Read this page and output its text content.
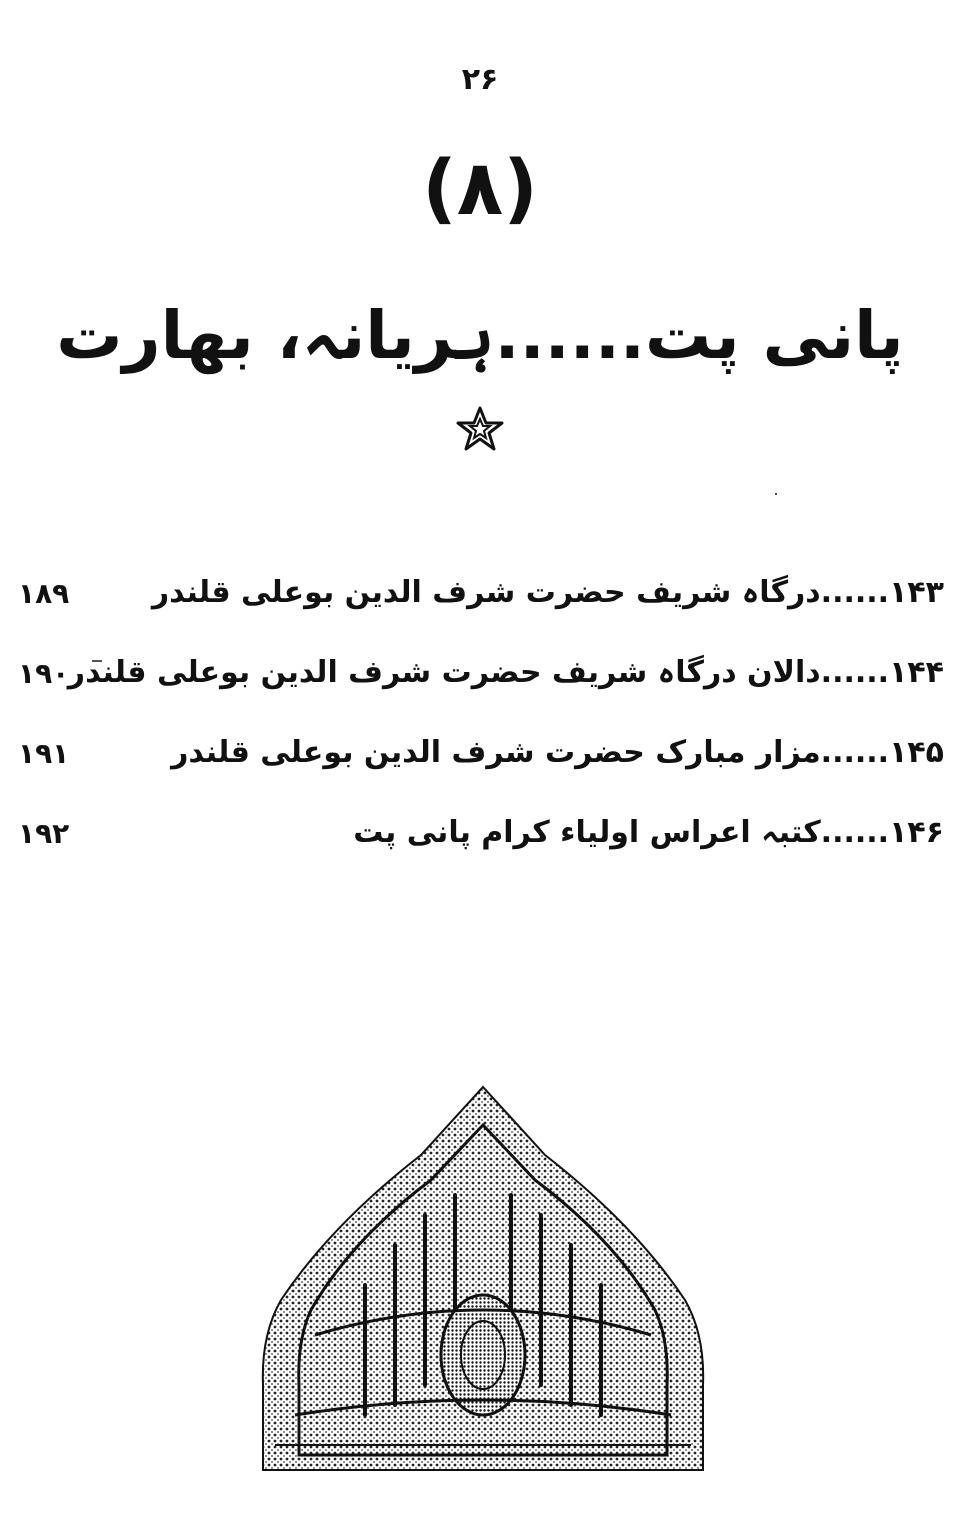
۲۶
(۸)
پانی پت......ہریانہ، بھارت
۱۴۳......درگاہ شریف حضرت شرف الدین بوعلی قلندر
۱۸۹
۱۴۴......دالان درگاہ شریف حضرت شرف الدین بوعلی قلندر
۱۹۰
۱۴۵......مزار مبارک حضرت شرف الدین بوعلی قلندر
۱۹۱
۱۴۶......کتبہ اعراس اولیاء کرام پانی پت
۱۹۲
